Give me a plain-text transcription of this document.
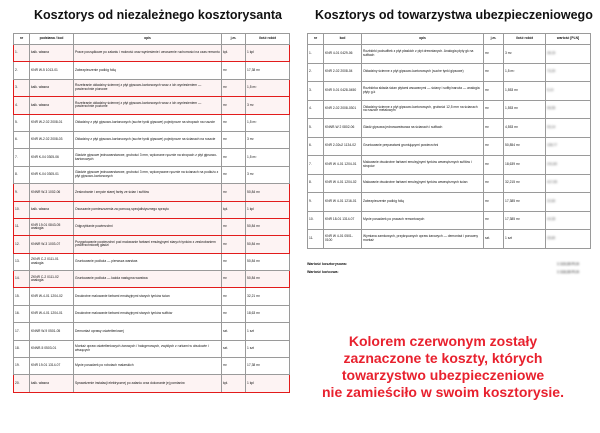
Kosztorys od niezależnego kosztorysanta	Kosztorys od towarzystwa ubezpieczeniowego
nr	podstawa / kod	opis	j.m.	ilość robót
1.	kalk. własna	Prace porządkowe po zalaniu i mokrość oraz wyniesienie i wnoszenie ruchomości na czas remontu	kpl.	1 kpl
2.	KNR W-5 1013-01	Zabezpieczenie podłóg folią	m²	17,38 m²
3.	kalk. własna	Rozebranie okładziny ściennej z płyt gipsowo-kartonowych wraz z ich wyniesieniem — powierzchnie pionowe	m²	1,5 m²
4.	kalk. własna	Rozebranie okładziny ściennej z płyt gipsowo-kartonowych wraz z ich wyniesieniem — powierzchnie poziome	m²	3 m²
5.	KNR W-2.02 2008-01	Okładziny z płyt gipsowo-kartonowych (suche tynki gipsowe) pojedyncze na stropach na ruszcie	m²	1,5 m²
6.	KNR W-2.02 2008-03	Okładziny z płyt gipsowo-kartonowych (suche tynki gipsowe) pojedyncze na ścianach na ruszcie	m²	3 m²
7.	KNR K-04 0305-06	Gładzie gipsowe jednowarstwowe, grubości 3 mm, wykonane ręcznie na stropach z płyt gipsowo-kartonowych	m²	1,5 m²
8.	KNR K-04 0305-01	Gładzie gipsowe jednowarstwowe, grubości 3 mm, wykonywane ręcznie na ścianach na podłożu z płyt gipsowo-kartonowych	m²	3 m²
9.	KNNR W-3 1002-06	Zeskrobanie i zmycie starej farby ze ścian i sufitów	m²	50,84 m²
10.	kalk. własna	Osuszanie pomieszczenia za pomocą specjalistycznego sprzętu	kpl.	1 kpl
11.	KNR 19-01 0843-05 analogia	Odgrzybianie powierzchni	m²	50,84 m²
12.	KNNR W-3 1003-07	Przygotowanie powierzchni pod malowanie farbami emulsyjnymi starych tynków z zeskrobaniem powierzchniowej gładzi	m²	50,84 m²
13.	ZKNR C-2 0111-01 analogia	Gruntowanie podłoża — pierwsza warstwa	m²	50,84 m²
14.	ZKNR C-2 0111-02 analogia	Gruntowanie podłoża — każda następna warstwa	m²	50,84 m²
15.	KNR W-4-01 1204-02	Dwukrotne malowanie farbami emulsyjnymi starych tynków ścian	m²	32,21 m²
16.	KNR W-4-01 1204-01	Dwukrotne malowanie farbami emulsyjnymi starych tynków sufitów	m²	18,63 m²
17.	KNNR W-9 0501-05	Demontaż oprawy oświetleniowej	szt.	1 szt
18.	KNNR-5 0503-01	Montaż opraw oświetleniowych żarowych / halogenowych, zwykłych z rurkami w obudowie i wiszących	szt.	1 szt
19.	KNR 19-01 1314-07	Mycie posadzek po robotach malarskich	m²	17,38 m²
20.	kalk. własna	Sprawdzenie instalacji elektrycznej po zalaniu oraz dokonanie jej pomiarów	kpl.	1 kpl
nr	kod	opis	j.m.	ilość robót	wartość [PLN]
1.	KNR 4-01 0429-06	Rozbiórki podsufitek z płyt płaskich z płyt drewnianych. Analogia płyty gk na sufitach	m²	3 m²	28,15
2.	KNR 2-02 2008-04	Okładziny ścienne z płyt gipsowo-kartonowych (suche tynki gipsowe)	m²	1,5 m²	73,20
3.	KNR 0-01 0428-0450	Rozbiórka składa ścian płytami wsuwanymi — ściany i sufity/naroża — analogia płyty g-k	m²	1,553 m²	5,10
4.	KNR 2-02 2008-0301	Okładziny ścienne z płyt gipsowo-kartonowych, grubości 12,5 mm na ścianach na ruszcie metalowym	m²	1,553 m²	96,55
5.	KNNR-W 2 0802-06	Gładź gipsowa jednowarstwowa na ścianach i sufitach	m²	4,553 m²	93,14
6.	KNR 2-02u2 1134-02	Gruntowanie preparatami gruntującymi powierzchni	m²	50,854 m²	108,77
7.	KNR W 4-01 1204-01	Malowanie dwukrotne farbami emulsyjnymi tynków wewnętrznych sufitów i stropów	m²	18,639 m²	241,80
8.	KNR W 4-01 1204-02	Malowanie dwukrotne farbami emulsyjnymi tynków wewnętrznych ścian	m²	32,215 m²	417,95
9.	KNR W 4-01 1216-01	Zabezpieczenie podłóg folią	m²	17,385 m²	22,60
10.	KNR 18-01 1314-07	Mycie posadzek po pracach remontowych	m²	17,385 m²	44,35
11.	KNR W 4-01 0501-0100	Wymiana zamkowych, przykręcanych opraw żarowych — demontaż i ponowny montaż	szt.	1 szt	35,80
Wartość kosztorysowa:	1 119,38 PLN
Wartość końcowa:	1 118,38 PLN
Kolorem czerwonym zostały
zaznaczone te koszty, których
towarzystwo ubezpieczeniowe
nie zamieściło w swoim kosztorysie.
